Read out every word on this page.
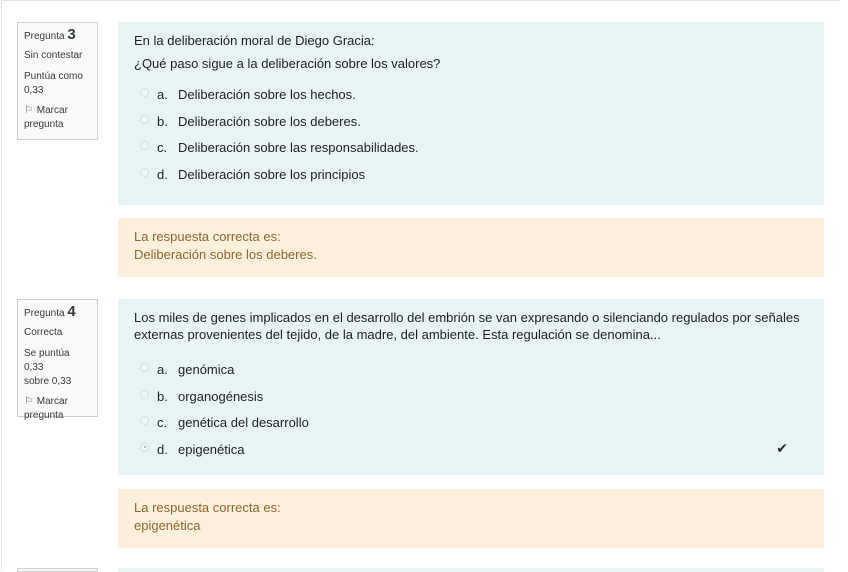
Pregunta 3
Sin contestar
Puntúa como
0,33
⚐ Marcar
pregunta

En la deliberación moral de Diego Gracia:

¿Qué paso sigue a la deliberación sobre los valores?

a. Deliberación sobre los hechos.
b. Deliberación sobre los deberes.
c. Deliberación sobre las responsabilidades.
d. Deliberación sobre los principios
La respuesta correcta es:
Deliberación sobre los deberes.
Pregunta 4
Correcta
Se puntúa 0,33
sobre 0,33
⚐ Marcar
pregunta

Los miles de genes implicados en el desarrollo del embrión se van expresando o silenciando regulados por señales

externas provenientes del tejido, de la madre, del ambiente. Esta regulación se denomina...

a. genómica
b. organogénesis
c. genética del desarrollo
d. epigenética	✔
La respuesta correcta es:
epigenética
